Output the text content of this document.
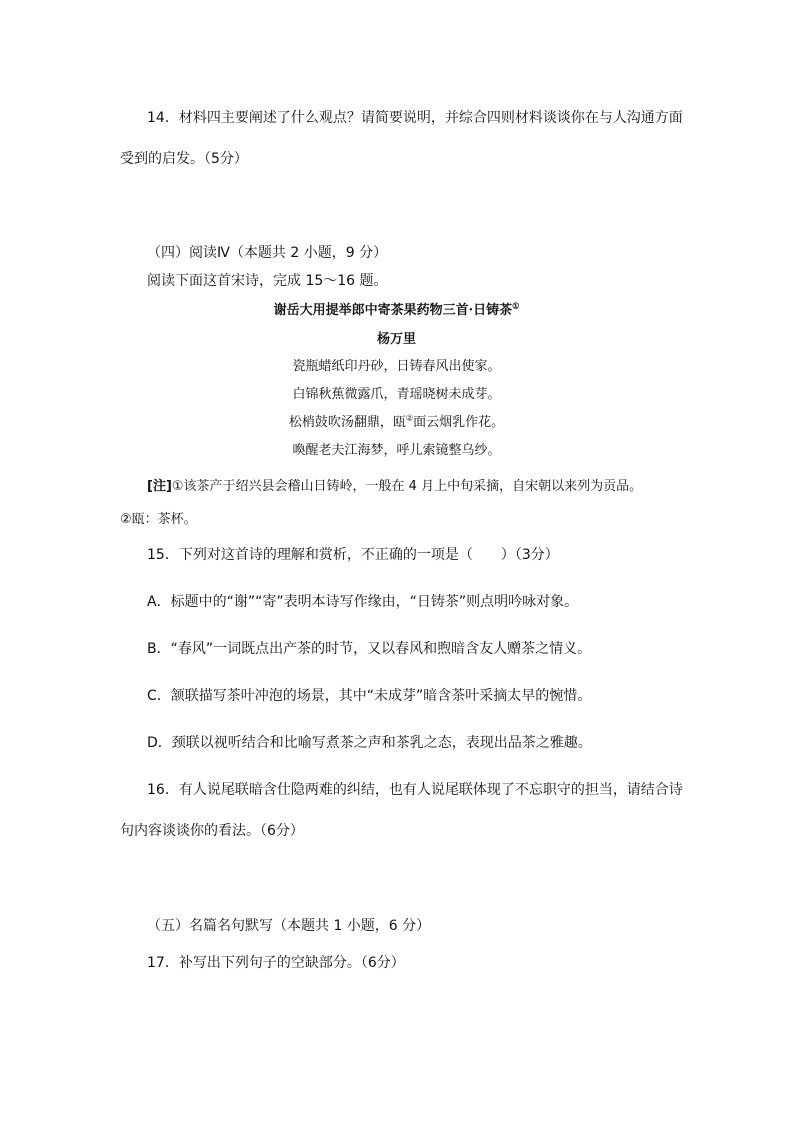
14．材料四主要阐述了什么观点？请简要说明，并综合四则材料谈谈你在与人沟通方面
受到的启发。（5分）
（四）阅读Ⅳ（本题共 2 小题，9 分）
阅读下面这首宋诗，完成 15～16 题。
谢岳大用提举郎中寄茶果药物三首·日铸茶①
杨万里
瓷瓶蜡纸印丹砂，日铸春风出使家。
白锦秋蕉微露爪，青瑶晓树未成芽。
松梢鼓吹汤翻鼎，瓯②面云烟乳作花。
喚醒老夫江海梦，呼儿索镜整乌纱。
[注]①该茶产于绍兴县会稽山日铸岭，一般在 4 月上中旬采摘，自宋朝以来列为贡品。
②瓯：茶杯。
15．下列对这首诗的理解和赏析，不正确的一项是（　　）（3分）
A．标题中的“谢”“寄”表明本诗写作缘由，“日铸茶”则点明吟咏对象。
B．“春风”一词既点出产茶的时节，又以春风和煦暗含友人赠茶之情义。
C．颔联描写茶叶冲泡的场景，其中“未成芽”暗含茶叶采摘太早的惋惜。
D．颈联以视听结合和比喻写煮茶之声和茶乳之态，表现出品茶之雅趣。
16．有人说尾联暗含仕隐两难的纠结，也有人说尾联体现了不忘职守的担当，请结合诗
句内容谈谈你的看法。（6分）
（五）名篇名句默写（本题共 1 小题，6 分）
17．补写出下列句子的空缺部分。（6分）
